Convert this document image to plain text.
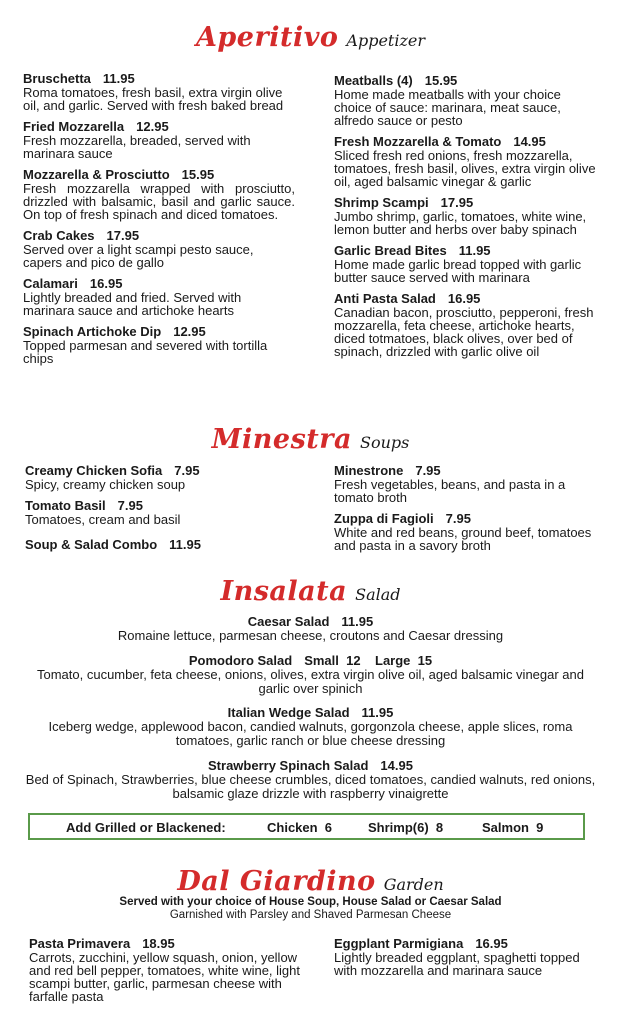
Aperitivo Appetizer
Bruschetta 11.95
Roma tomatoes, fresh basil, extra virgin olive oil, and garlic. Served with fresh baked bread
Fried Mozzarella 12.95
Fresh mozzarella, breaded, served with marinara sauce
Mozzarella & Prosciutto 15.95
Fresh mozzarella wrapped with prosciutto, drizzled with balsamic, basil and garlic sauce. On top of fresh spinach and diced tomatoes.
Crab Cakes 17.95
Served over a light scampi pesto sauce, capers and pico de gallo
Calamari 16.95
Lightly breaded and fried. Served with marinara sauce and artichoke hearts
Spinach Artichoke Dip 12.95
Topped parmesan and severed with tortilla chips
Meatballs (4) 15.95
Home made meatballs with your choice choice of sauce: marinara, meat sauce, alfredo sauce or pesto
Fresh Mozzarella & Tomato 14.95
Sliced fresh red onions, fresh mozzarella, tomatoes, fresh basil, olives, extra virgin olive oil, aged balsamic vinegar & garlic
Shrimp Scampi 17.95
Jumbo shrimp, garlic, tomatoes, white wine, lemon butter and herbs over baby spinach
Garlic Bread Bites 11.95
Home made garlic bread topped with garlic butter sauce served with marinara
Anti Pasta Salad 16.95
Canadian bacon, prosciutto, pepperoni, fresh mozzarella, feta cheese, artichoke hearts, diced totmatoes, black olives, over bed of spinach, drizzled with garlic olive oil
Minestra Soups
Creamy Chicken Sofia 7.95
Spicy, creamy chicken soup
Tomato Basil 7.95
Tomatoes, cream and basil
Soup & Salad Combo 11.95
Minestrone 7.95
Fresh vegetables, beans, and pasta in a tomato broth
Zuppa di Fagioli 7.95
White and red beans, ground beef, tomatoes and pasta in a savory broth
Insalata Salad
Caesar Salad 11.95
Romaine lettuce, parmesan cheese, croutons and Caesar dressing
Pomodoro Salad Small  12    Large  15
Tomato, cucumber, feta cheese, onions, olives, extra virgin olive oil, aged balsamic vinegar and garlic over spinich
Italian Wedge Salad 11.95
Iceberg wedge, applewood bacon, candied walnuts, gorgonzola cheese, apple slices, roma tomatoes, garlic ranch or blue cheese dressing
Strawberry Spinach Salad 14.95
Bed of Spinach, Strawberries, blue cheese crumbles, diced tomatoes, candied walnuts, red onions, balsamic glaze drizzle with raspberry vinaigrette
Add Grilled or Blackened:	Chicken  6	Shrimp(6)  8	Salmon  9
Dal Giardino Garden
Served with your choice of House Soup, House Salad or Caesar Salad
Garnished with Parsley and Shaved Parmesan Cheese
Pasta Primavera 18.95
Carrots, zucchini, yellow squash, onion, yellow and red bell pepper, tomatoes, white wine, light scampi butter, garlic, parmesan cheese with farfalle pasta
Eggplant Parmigiana 16.95
Lightly breaded eggplant, spaghetti topped with mozzarella and marinara sauce
